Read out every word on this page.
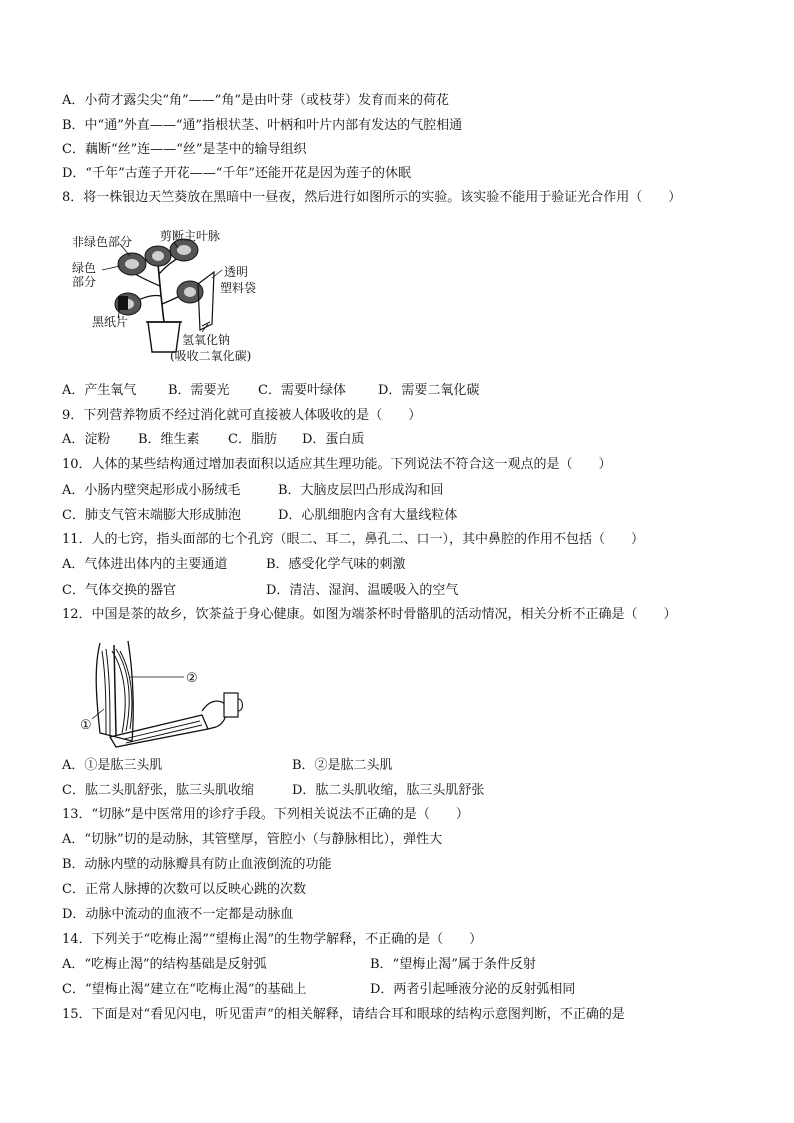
A．小荷才露尖尖“角”——“角”是由叶芽（或枝芽）发育而来的荷花
B．中“通”外直——“通”指根状茎、叶柄和叶片内部有发达的气腔相通
C．藕断“丝”连——“丝”是茎中的输导组织
D．“千年”古莲子开花——“千年”还能开花是因为莲子的休眠
8．将一株银边天竺葵放在黑暗中一昼夜，然后进行如图所示的实验。该实验不能用于验证光合作用（　　）
非绿色部分 剪断主叶脉
绿色
部分
透明
塑料袋
黑纸片
氢氧化钠
(吸收二氧化碳)
A．产生氧气 B．需要光 C．需要叶绿体 D．需要二氧化碳
9．下列营养物质不经过消化就可直接被人体吸收的是（　　）
A．淀粉 B．维生素 C．脂肪 D．蛋白质
10．人体的某些结构通过增加表面积以适应其生理功能。下列说法不符合这一观点的是（　　）
A．小肠内壁突起形成小肠绒毛	B．大脑皮层凹凸形成沟和回
C．肺支气管末端膨大形成肺泡	D．心肌细胞内含有大量线粒体
11．人的七窍，指头面部的七个孔窍（眼二、耳二，鼻孔二、口一），其中鼻腔的作用不包括（　　）
A．气体进出体内的主要通道	B．感受化学气味的刺激
C．气体交换的器官	D．清洁、湿润、温暖吸入的空气
12．中国是茶的故乡，饮茶益于身心健康。如图为端茶杯时骨骼肌的活动情况，相关分析不正确是（　　）
②
①
A．①是肱三头肌	B．②是肱二头肌
C．肱二头肌舒张，肱三头肌收缩	D．肱二头肌收缩，肱三头肌舒张
13．“切脉”是中医常用的诊疗手段。下列相关说法不正确的是（　　）
A．“切脉”切的是动脉，其管壁厚，管腔小（与静脉相比），弹性大
B．动脉内壁的动脉瓣具有防止血液倒流的功能
C．正常人脉搏的次数可以反映心跳的次数
D．动脉中流动的血液不一定都是动脉血
14．下列关于“吃梅止渴”“望梅止渴”的生物学解释，不正确的是（　　）
A．“吃梅止渴”的结构基础是反射弧	B．“望梅止渴”属于条件反射
C．“望梅止渴”建立在“吃梅止渴”的基础上	D．两者引起唾液分泌的反射弧相同
15．下面是对“看见闪电，听见雷声”的相关解释，请结合耳和眼球的结构示意图判断，不正确的是
